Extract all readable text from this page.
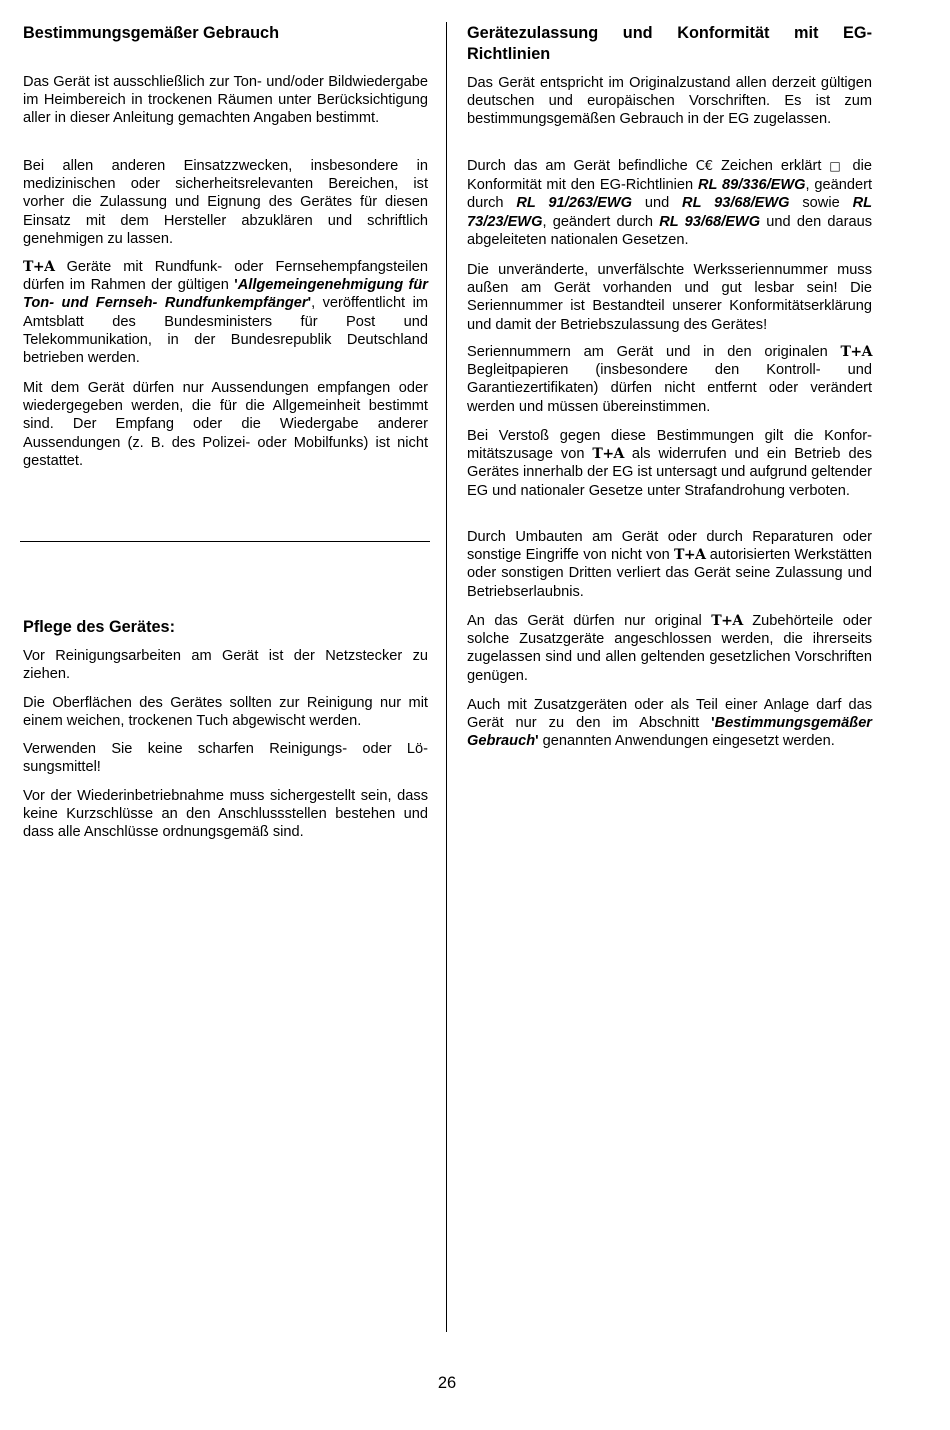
Bestimmungsgemäßer Gebrauch

Das Gerät ist ausschließlich zur Ton- und/oder Bildwiedergabe im Heimbereich in trockenen Räumen unter Berücksichtigung aller in dieser Anleitung gemachten Angaben bestimmt.

Bei allen anderen Einsatzzwecken, insbesondere in medizinischen oder sicherheitsrelevanten Bereichen, ist vorher die Zulassung und Eignung des Gerätes für diesen Einsatz mit dem Hersteller abzuklären und schriftlich genehmigen zu lassen.

T+A Geräte mit Rundfunk- oder Fernsehempfangsteilen dürfen im Rahmen der gültigen 'Allgemeingenehmigung für Ton- und Fernseh- Rundfunkempfänger', veröffentlicht im Amtsblatt des Bundesministers für Post und Telekommunikation, in der Bundesrepublik Deutschland betrieben werden.

Mit dem Gerät dürfen nur Aussendungen empfangen oder wiedergegeben werden, die für die Allgemeinheit bestimmt sind. Der Empfang oder die Wiedergabe anderer Aussendungen (z. B. des Polizei- oder Mobilfunks) ist nicht gestattet.

Pflege des Gerätes:

Vor Reinigungsarbeiten am Gerät ist der Netzstecker zu ziehen.

Die Oberflächen des Gerätes sollten zur Reinigung nur mit einem weichen, trockenen Tuch abgewischt werden.

Verwenden Sie keine scharfen Reinigungs- oder Lösungsmittel!

Vor der Wiederinbetriebnahme muss sichergestellt sein, dass keine Kurzschlüsse an den Anschlussstellen bestehen und dass alle Anschlüsse ordnungsgemäß sind.

Gerätezulassung und Konformität mit EG-Richtlinien

Das Gerät entspricht im Originalzustand allen derzeit gültigen deutschen und europäischen Vorschriften. Es ist zum bestimmungsgemäßen Gebrauch in der EG zugelassen.

Durch das am Gerät befindliche C€ Zeichen erklärt □ die Konformität mit den EG-Richtlinien RL 89/336/EWG, geändert durch RL 91/263/EWG und RL 93/68/EWG sowie RL 73/23/EWG, geändert durch RL 93/68/EWG und den daraus abgeleiteten nationalen Gesetzen.

Die unveränderte, unverfälschte Werksseriennummer muss außen am Gerät vorhanden und gut lesbar sein! Die Seriennummer ist Bestandteil unserer Konformitätserklärung und damit der Betriebszulassung des Gerätes!

Seriennummern am Gerät und in den originalen T+A Begleitpapieren (insbesondere den Kontroll- und Garantiezertifikaten) dürfen nicht entfernt oder verändert werden und müssen übereinstimmen.

Bei Verstoß gegen diese Bestimmungen gilt die Konformitätszusage von T+A als widerrufen und ein Betrieb des Gerätes innerhalb der EG ist untersagt und aufgrund geltender EG und nationaler Gesetze unter Strafandrohung verboten.

Durch Umbauten am Gerät oder durch Reparaturen oder sonstige Eingriffe von nicht von T+A autorisierten Werkstätten oder sonstigen Dritten verliert das Gerät seine Zulassung und Betriebserlaubnis.

An das Gerät dürfen nur original T+A Zubehörteile oder solche Zusatzgeräte angeschlossen werden, die ihrerseits zugelassen sind und allen geltenden gesetzlichen Vorschriften genügen.

Auch mit Zusatzgeräten oder als Teil einer Anlage darf das Gerät nur zu den im Abschnitt 'Bestimmungsgemäßer Gebrauch' genannten Anwendungen eingesetzt werden.

26
